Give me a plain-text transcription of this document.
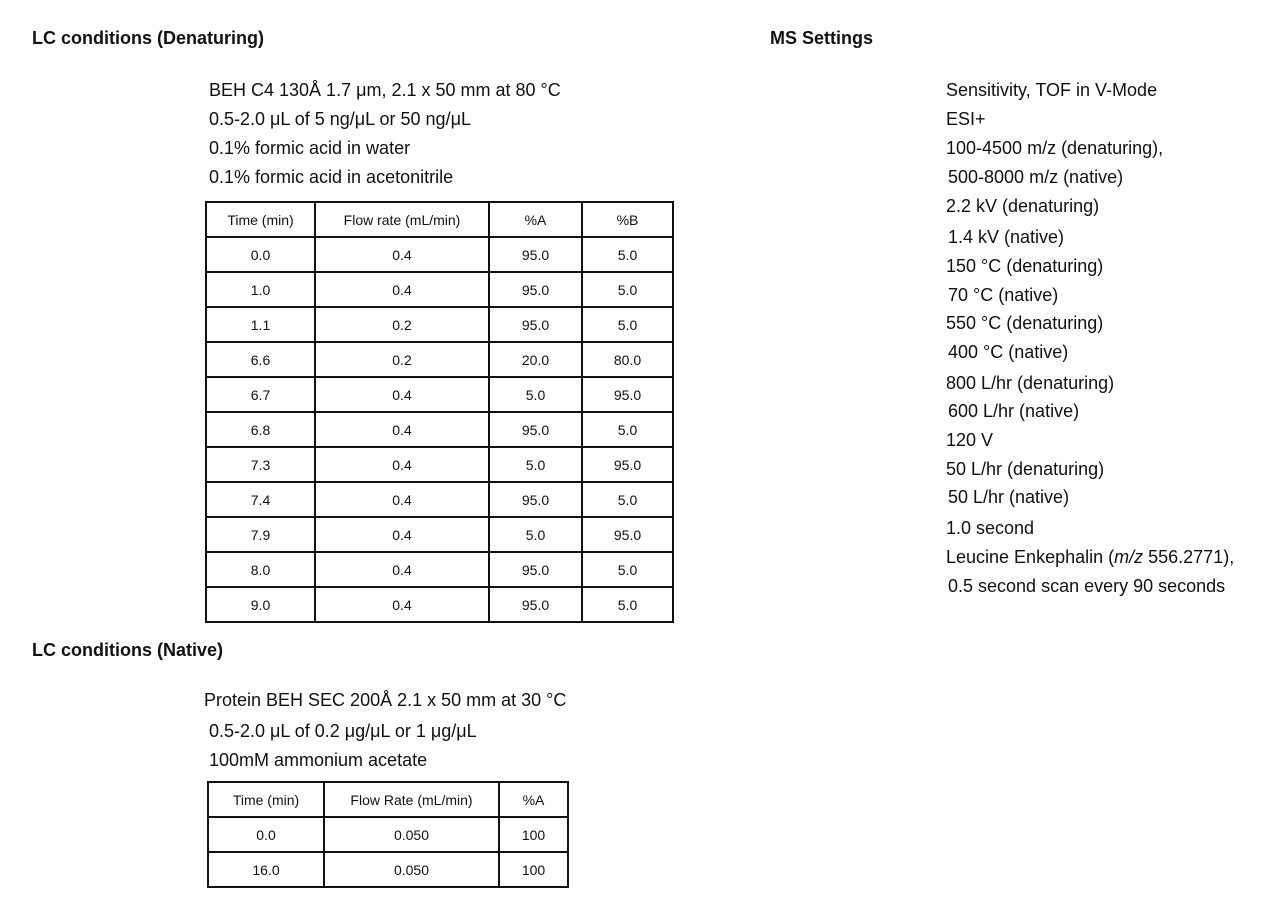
LC conditions (Denaturing)
BEH C4 130Å 1.7 μm, 2.1 x 50 mm at 80 °C
0.5-2.0 μL of 5 ng/μL or 50 ng/μL
0.1% formic acid in water
0.1% formic acid in acetonitrile
Time (min)	Flow rate (mL/min)	%A	%B
0.0	0.4	95.0	5.0
1.0	0.4	95.0	5.0
1.1	0.2	95.0	5.0
6.6	0.2	20.0	80.0
6.7	0.4	5.0	95.0
6.8	0.4	95.0	5.0
7.3	0.4	5.0	95.0
7.4	0.4	95.0	5.0
7.9	0.4	5.0	95.0
8.0	0.4	95.0	5.0
9.0	0.4	95.0	5.0
LC conditions (Native)
Protein BEH SEC 200Å 2.1 x 50 mm at 30 °C
0.5-2.0 μL of 0.2 μg/μL or 1 μg/μL
100mM ammonium acetate
Time (min)	Flow Rate (mL/min)	%A
0.0	0.050	100
16.0	0.050	100
MS Settings
Sensitivity, TOF in V-Mode
ESI+
100-4500 m/z (denaturing),
500-8000 m/z (native)
2.2 kV (denaturing)
1.4 kV (native)
150 °C (denaturing)
70 °C (native)
550 °C (denaturing)
400 °C (native)
800 L/hr (denaturing)
600 L/hr (native)
120 V
50 L/hr (denaturing)
50 L/hr (native)
1.0 second
Leucine Enkephalin (m/z 556.2771),
0.5 second scan every 90 seconds
